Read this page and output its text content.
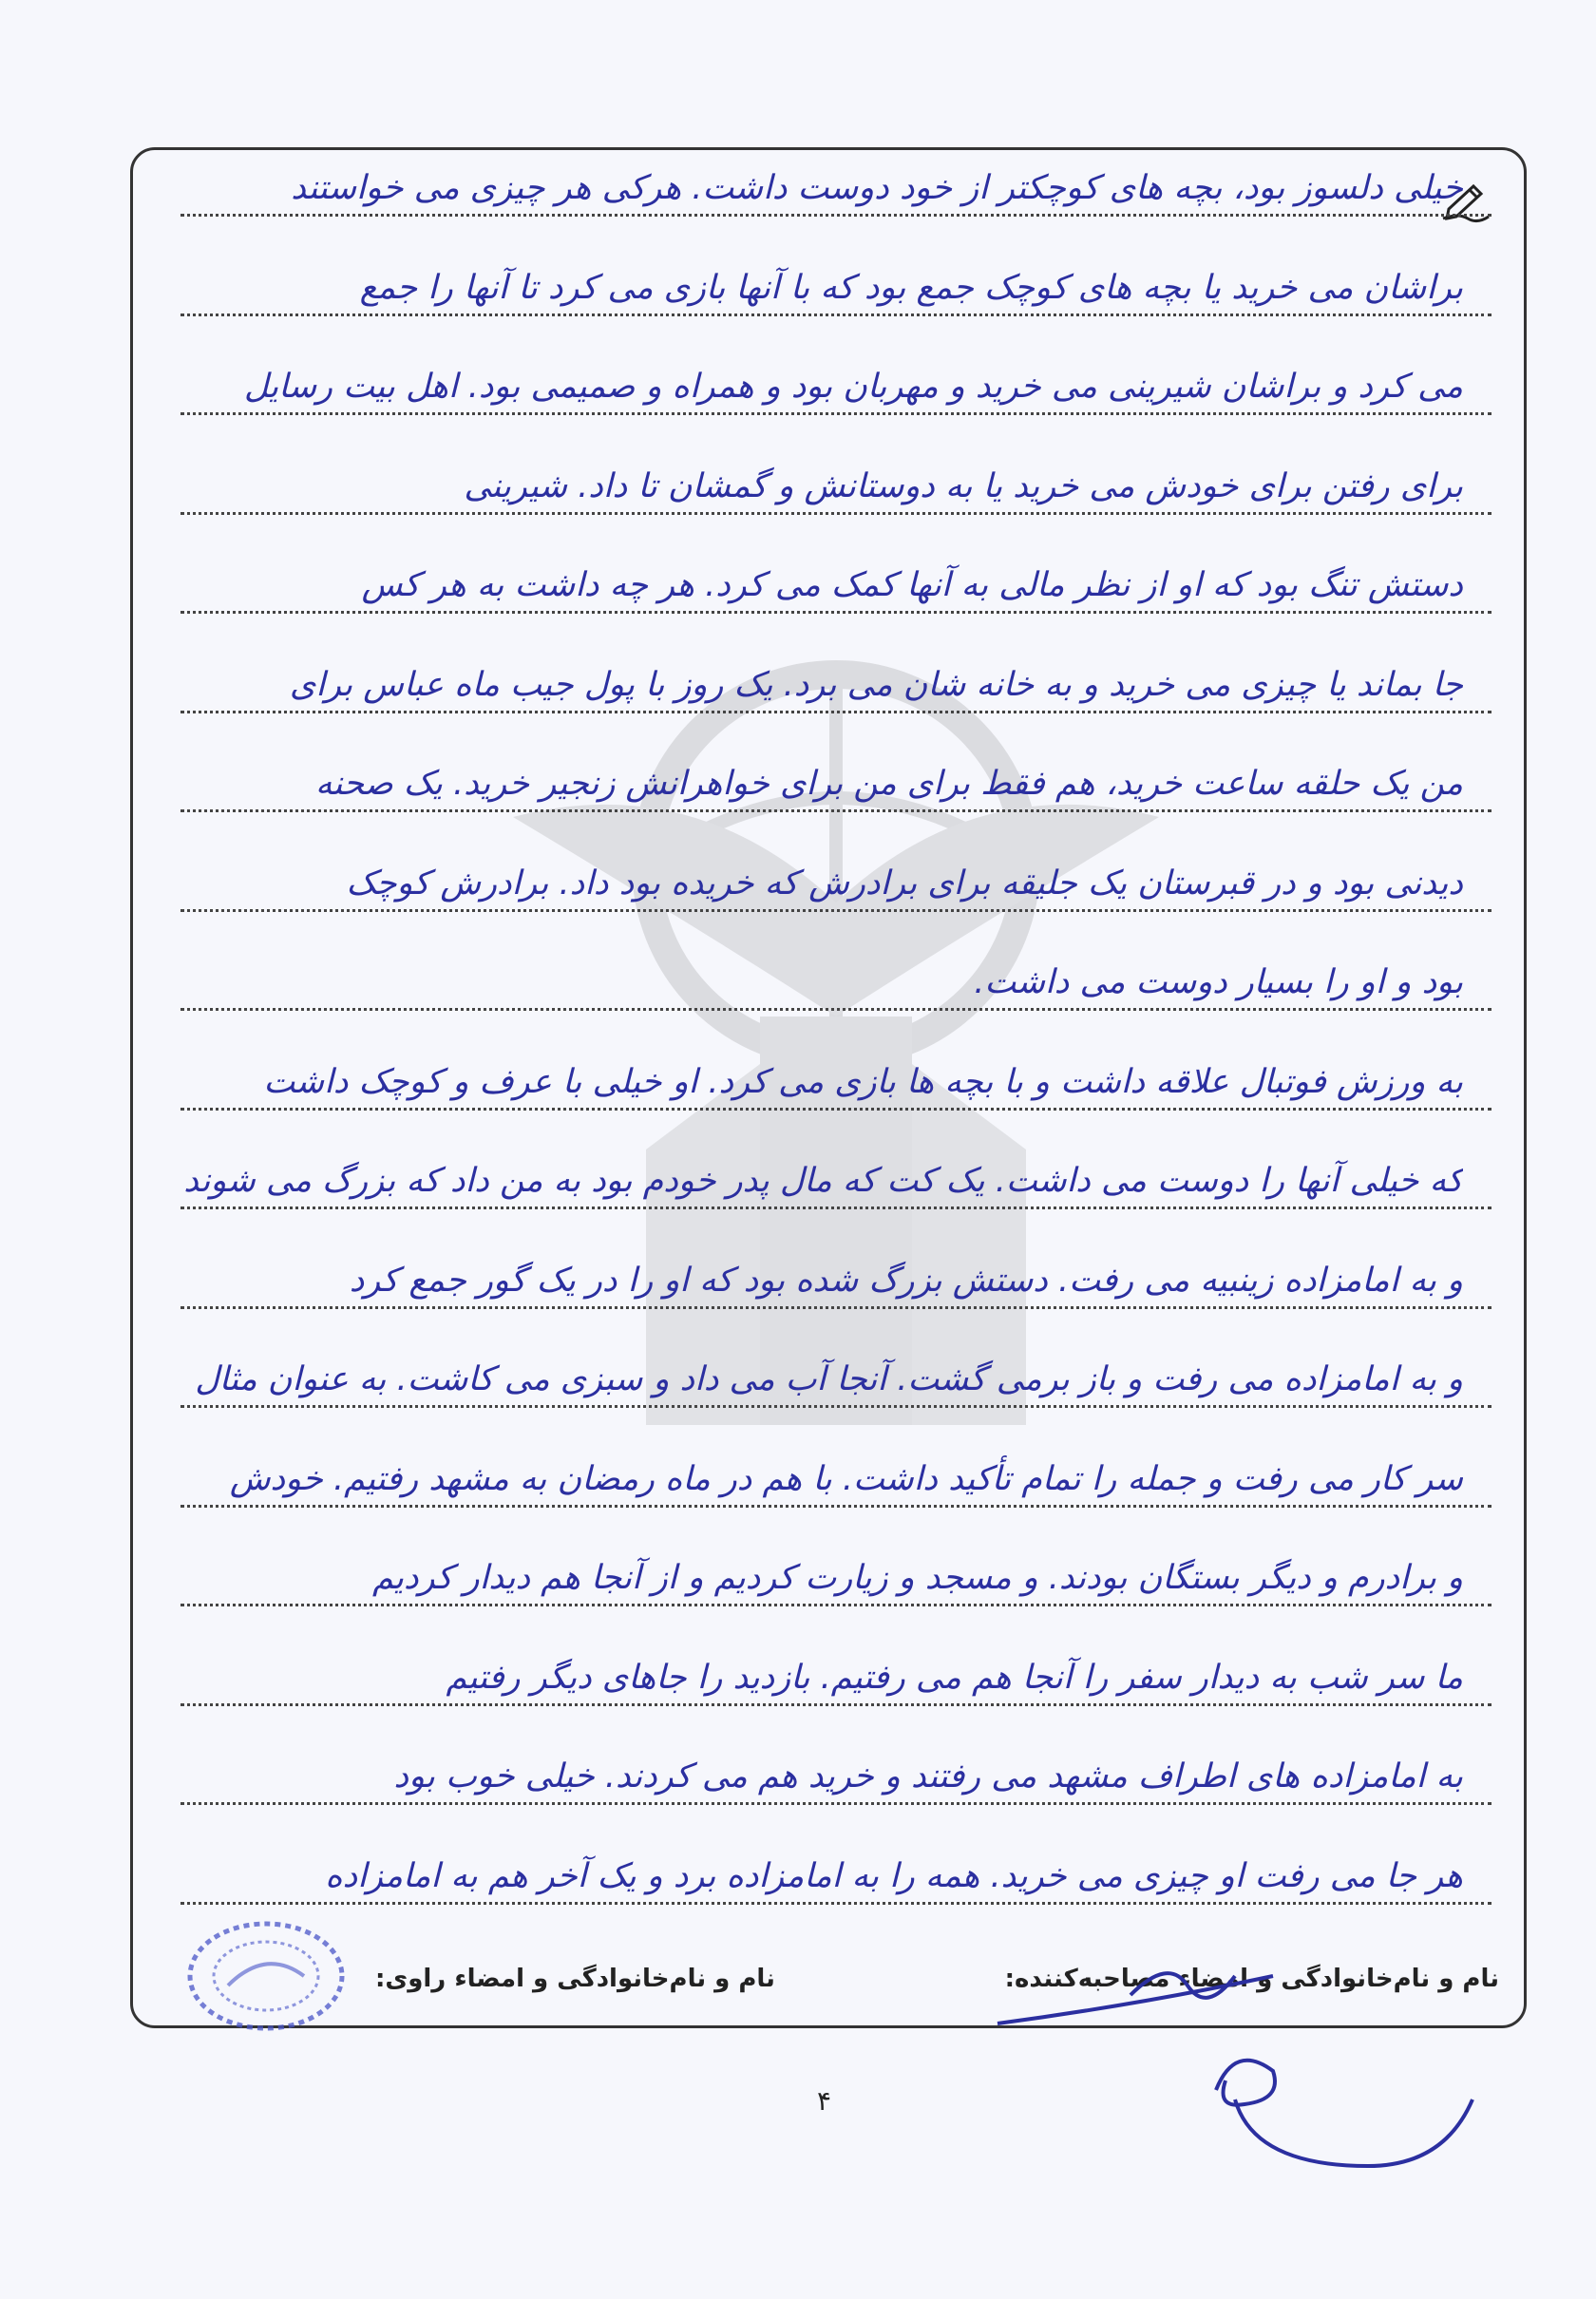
خیلی دلسوز بود، بچه های کوچکتر از خود دوست داشت. هرکی هر چیزی می خواستند
براشان می خرید یا بچه های کوچک جمع بود که با آنها بازی می کرد تا آنها را جمع
می کرد و براشان شیرینی می خرید و مهربان بود و همراه و صمیمی بود. اهل بیت رسایل
برای رفتن برای خودش می خرید یا به دوستانش و گمشان تا داد. شیرینی
دستش تنگ بود که او از نظر مالی به آنها کمک می کرد. هر چه داشت به هر کس
جا بماند یا چیزی می خرید و به خانه شان می برد. یک روز با پول جیب ماه عباس برای
من یک حلقه ساعت خرید، هم فقط برای من برای خواهرانش زنجیر خرید. یک صحنه
دیدنی بود و در قبرستان یک جلیقه برای برادرش که خریده بود داد. برادرش کوچک
بود و او را بسیار دوست می داشت.
به ورزش فوتبال علاقه داشت و با بچه ها بازی می کرد. او خیلی با عرف و کوچک داشت
که خیلی آنها را دوست می داشت. یک کت که مال پدر خودم بود به من داد که بزرگ می شوند
و به امامزاده زینبیه می رفت. دستش بزرگ شده بود که او را در یک گور جمع کرد
و به امامزاده می رفت و باز برمی گشت. آنجا آب می داد و سبزی می کاشت. به عنوان مثال
سر کار می رفت و جمله را تمام تأکید داشت. با هم در ماه رمضان به مشهد رفتیم. خودش
و برادرم و دیگر بستگان بودند. و مسجد و زیارت کردیم و از آنجا هم دیدار کردیم
ما سر شب به دیدار سفر را آنجا هم می رفتیم. بازدید را جاهای دیگر رفتیم
به امامزاده های اطراف مشهد می رفتند و خرید هم می کردند. خیلی خوب بود
هر جا می رفت او چیزی می خرید. همه را به امامزاده برد و یک آخر هم به امامزاده
نام و نام‌خانوادگی و امضاء مصاحبه‌کننده:
نام و نام‌خانوادگی و امضاء راوی:
۴
